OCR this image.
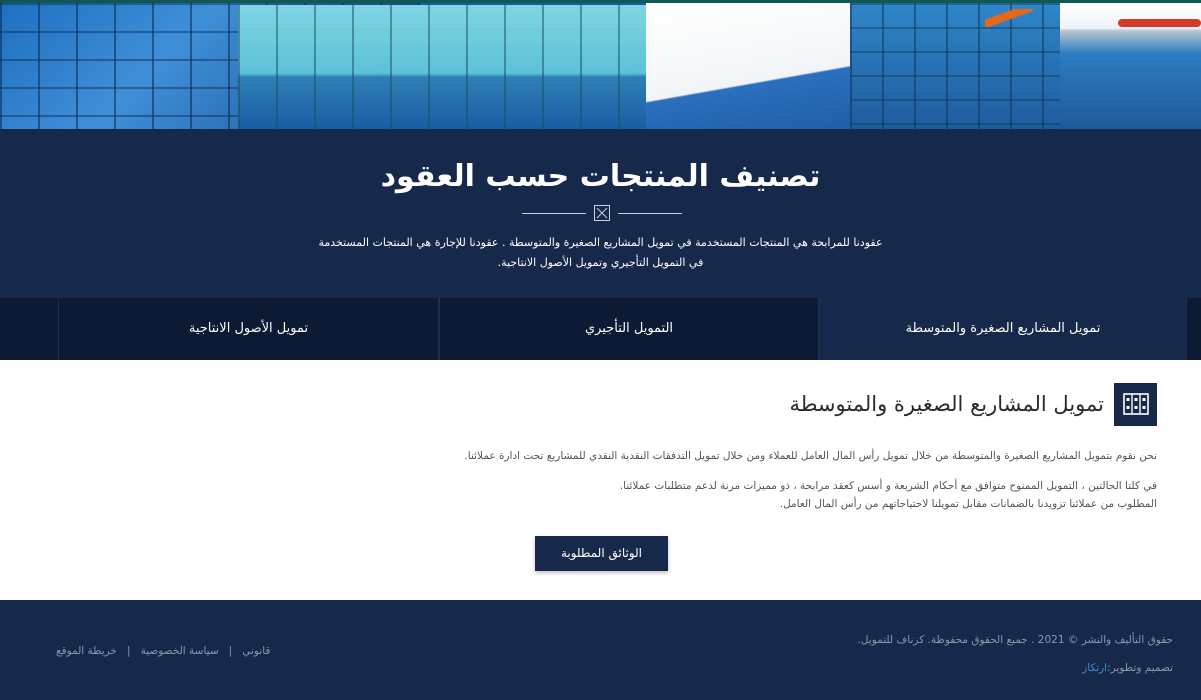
تصنيف المنتجات حسب العقود
عقودنا للمرابحة هي المنتجات المستخدمة في تمويل المشاريع الصغيرة والمتوسطة . عقودنا للإجارة هي المنتجات المستخدمة
في التمويل التأجيري وتمويل الأصول الانتاجية.
تمويل المشاريع الصغيرة والمتوسطة
التمويل التأجيري
تمويل الأصول الانتاجية
تمويل المشاريع الصغيرة والمتوسطة
نحن نقوم بتمويل المشاريع الصغيرة والمتوسطة من خلال تمويل رأس المال العامل للعملاء ومن خلال تمويل التدفقات النقدية النقدي للمشاريع تحت ادارة عملائنا.
في كلتا الحالتين ، التمويل الممنوح متوافق مع أحكام الشريعة و أسس كعقد مرابحة ، ذو مميزات مرنة لدعم متطلبات عملائنا.
المطلوب من عملائنا تزويدنا بالضمانات مقابل تمويلنا لاحتياجاتهم من رأس المال العامل.
الوثائق المطلوبة
حقوق التأليف والنشر © 2021 . جميع الحقوق محفوظة. كرناف للتمويل.
تصميم وتطوير:ارتكاز
خريطة الموقع | سياسة الخصوصية | قانوني
